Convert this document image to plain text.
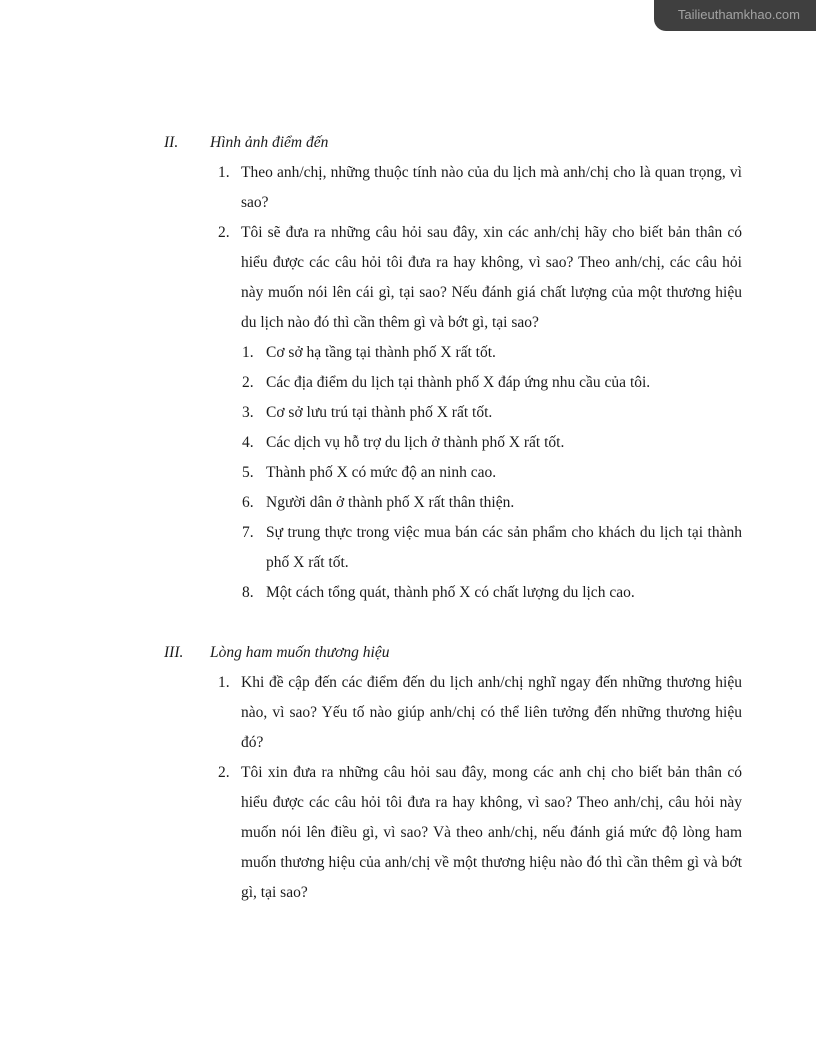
Tailieuthamkhao.com
II.	Hình ảnh điểm đến
1. Theo anh/chị, những thuộc tính nào của du lịch mà anh/chị cho là quan trọng, vì sao?
2. Tôi sẽ đưa ra những câu hỏi sau đây, xin các anh/chị hãy cho biết bản thân có hiểu được các câu hỏi tôi đưa ra hay không, vì sao? Theo anh/chị, các câu hỏi này muốn nói lên cái gì, tại sao? Nếu đánh giá chất lượng của một thương hiệu du lịch nào đó thì cần thêm gì và bớt gì, tại sao?
1. Cơ sở hạ tầng tại thành phố X rất tốt.
2. Các địa điểm du lịch tại thành phố X đáp ứng nhu cầu của tôi.
3. Cơ sở lưu trú tại thành phố X rất tốt.
4. Các dịch vụ hỗ trợ du lịch ở thành phố X rất tốt.
5. Thành phố X có mức độ an ninh cao.
6. Người dân ở thành phố X rất thân thiện.
7. Sự trung thực trong việc mua bán các sản phẩm cho khách du lịch tại thành phố X rất tốt.
8. Một cách tổng quát, thành phố X có chất lượng du lịch cao.
III.	Lòng ham muốn thương hiệu
1. Khi đề cập đến các điểm đến du lịch anh/chị nghĩ ngay đến những thương hiệu nào, vì sao? Yếu tố nào giúp anh/chị có thể liên tưởng đến những thương hiệu đó?
2. Tôi xin đưa ra những câu hỏi sau đây, mong các anh chị cho biết bản thân có hiểu được các câu hỏi tôi đưa ra hay không, vì sao? Theo anh/chị, câu hỏi này muốn nói lên điều gì, vì sao? Và theo anh/chị, nếu đánh giá mức độ lòng ham muốn thương hiệu của anh/chị về một thương hiệu nào đó thì cần thêm gì và bớt gì, tại sao?
